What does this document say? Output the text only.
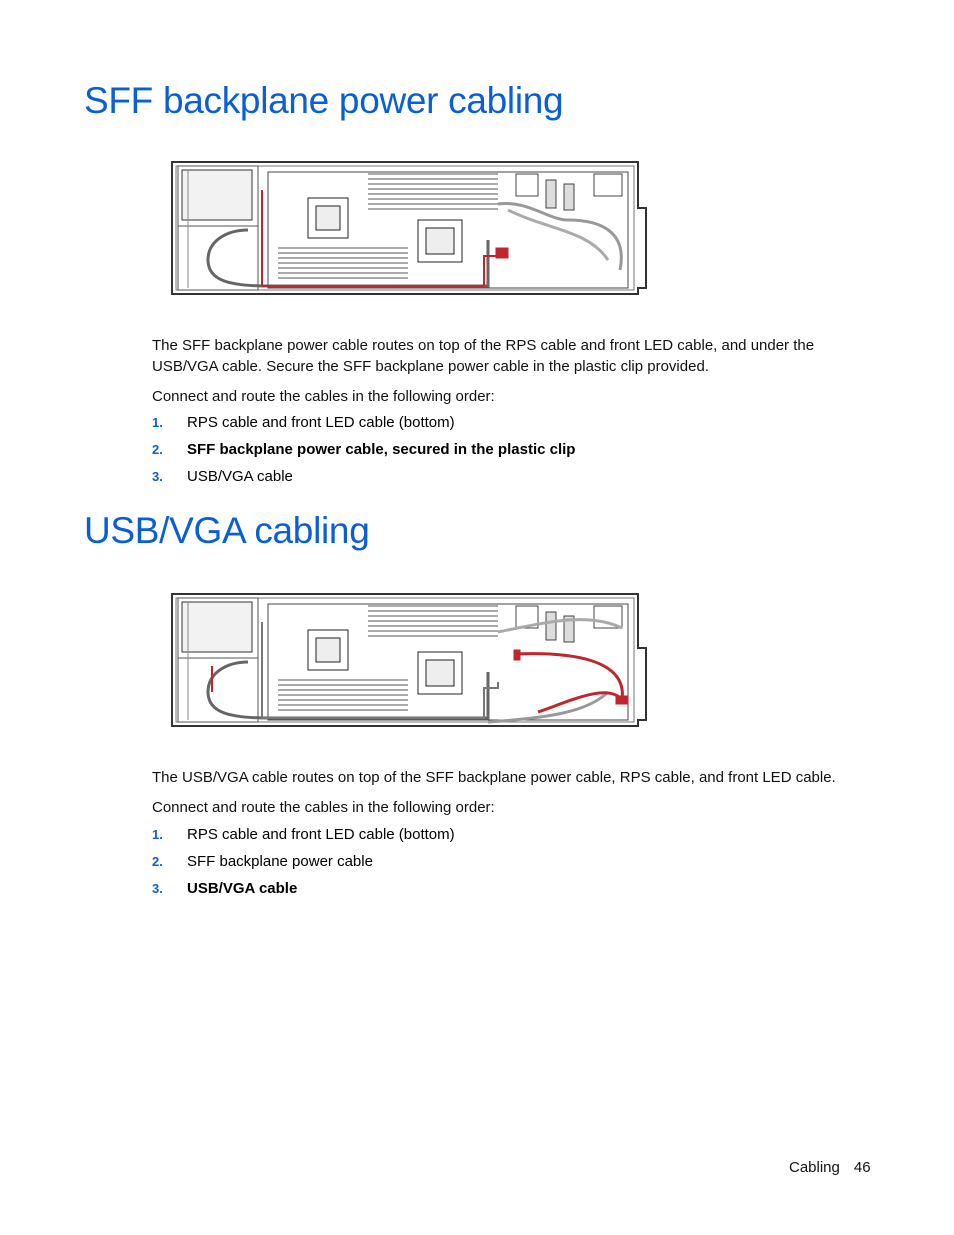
SFF backplane power cabling

The SFF backplane power cable routes on top of the RPS cable and front LED cable, and under the USB/VGA cable. Secure the SFF backplane power cable in the plastic clip provided.

Connect and route the cables in the following order:

1. RPS cable and front LED cable (bottom)
2. SFF backplane power cable, secured in the plastic clip
3. USB/VGA cable
USB/VGA cabling

The USB/VGA cable routes on top of the SFF backplane power cable, RPS cable, and front LED cable.

Connect and route the cables in the following order:

1. RPS cable and front LED cable (bottom)
2. SFF backplane power cable
3. USB/VGA cable
Cabling 46
